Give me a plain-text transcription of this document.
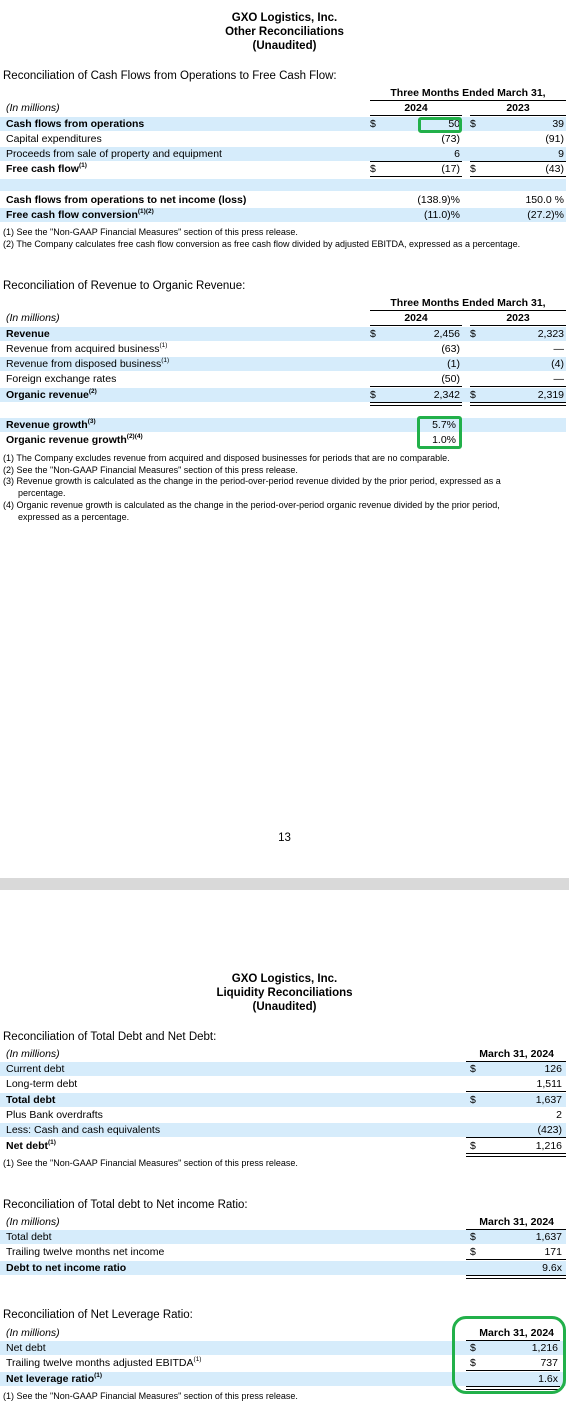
GXO Logistics, Inc.
Other Reconciliations
(Unaudited)
Reconciliation of Cash Flows from Operations to Free Cash Flow:
Three Months Ended March 31,
2024	2023
(In millions)
Cash flows from operations	$	50 $	39
Capital expenditures	(73)	(91)
Proceeds from sale of property and equipment	6	9
Free cash flow$^{(1)}$	$	(17) $	(43)
Cash flows from operations to net income (loss)	(138.9)%	150.0 %
Free cash flow conversion$^{(1)(2)}$	(11.0)%	(27.2)%
(1) See the "Non-GAAP Financial Measures" section of this press release.
(2) The Company calculates free cash flow conversion as free cash flow divided by adjusted EBITDA, expressed as a percentage.
Reconciliation of Revenue to Organic Revenue:
Three Months Ended March 31,
2024	2023
(In millions)
Revenue	$	2,456 $	2,323
Revenue from acquired business$^{(1)}$	(63)	—
Revenue from disposed business$^{(1)}$	(1)	(4)
Foreign exchange rates	(50)	—
Organic revenue$^{(2)}$	$	2,342 $	2,319
Revenue growth$^{(3)}$	5.7%
Organic revenue growth$^{(2)(4)}$	1.0%
(1) The Company excludes revenue from acquired and disposed businesses for periods that are no comparable.
(2) See the "Non-GAAP Financial Measures" section of this press release.
(3) Revenue growth is calculated as the change in the period-over-period revenue divided by the prior period, expressed as a
percentage.
(4) Organic revenue growth is calculated as the change in the period-over-period organic revenue divided by the prior period,
expressed as a percentage.
13
GXO Logistics, Inc.
Liquidity Reconciliations
(Unaudited)
Reconciliation of Total Debt and Net Debt:
(In millions)	March 31, 2024
Current debt	$	126
Long-term debt	1,511
Total debt	$	1,637
Plus Bank overdrafts	2
Less: Cash and cash equivalents	(423)
Net debt$^{(1)}$	$	1,216
(1) See the "Non-GAAP Financial Measures" section of this press release.
Reconciliation of Total debt to Net income Ratio:
(In millions)	March 31, 2024
Total debt	$	1,637
Trailing twelve months net income	$	171
Debt to net income ratio	9.6x
Reconciliation of Net Leverage Ratio:
(In millions)	March 31, 2024
Net debt	$	1,216
Trailing twelve months adjusted EBITDA$^{(1)}$	$	737
Net leverage ratio$^{(1)}$	1.6x
(1) See the "Non-GAAP Financial Measures" section of this press release.
